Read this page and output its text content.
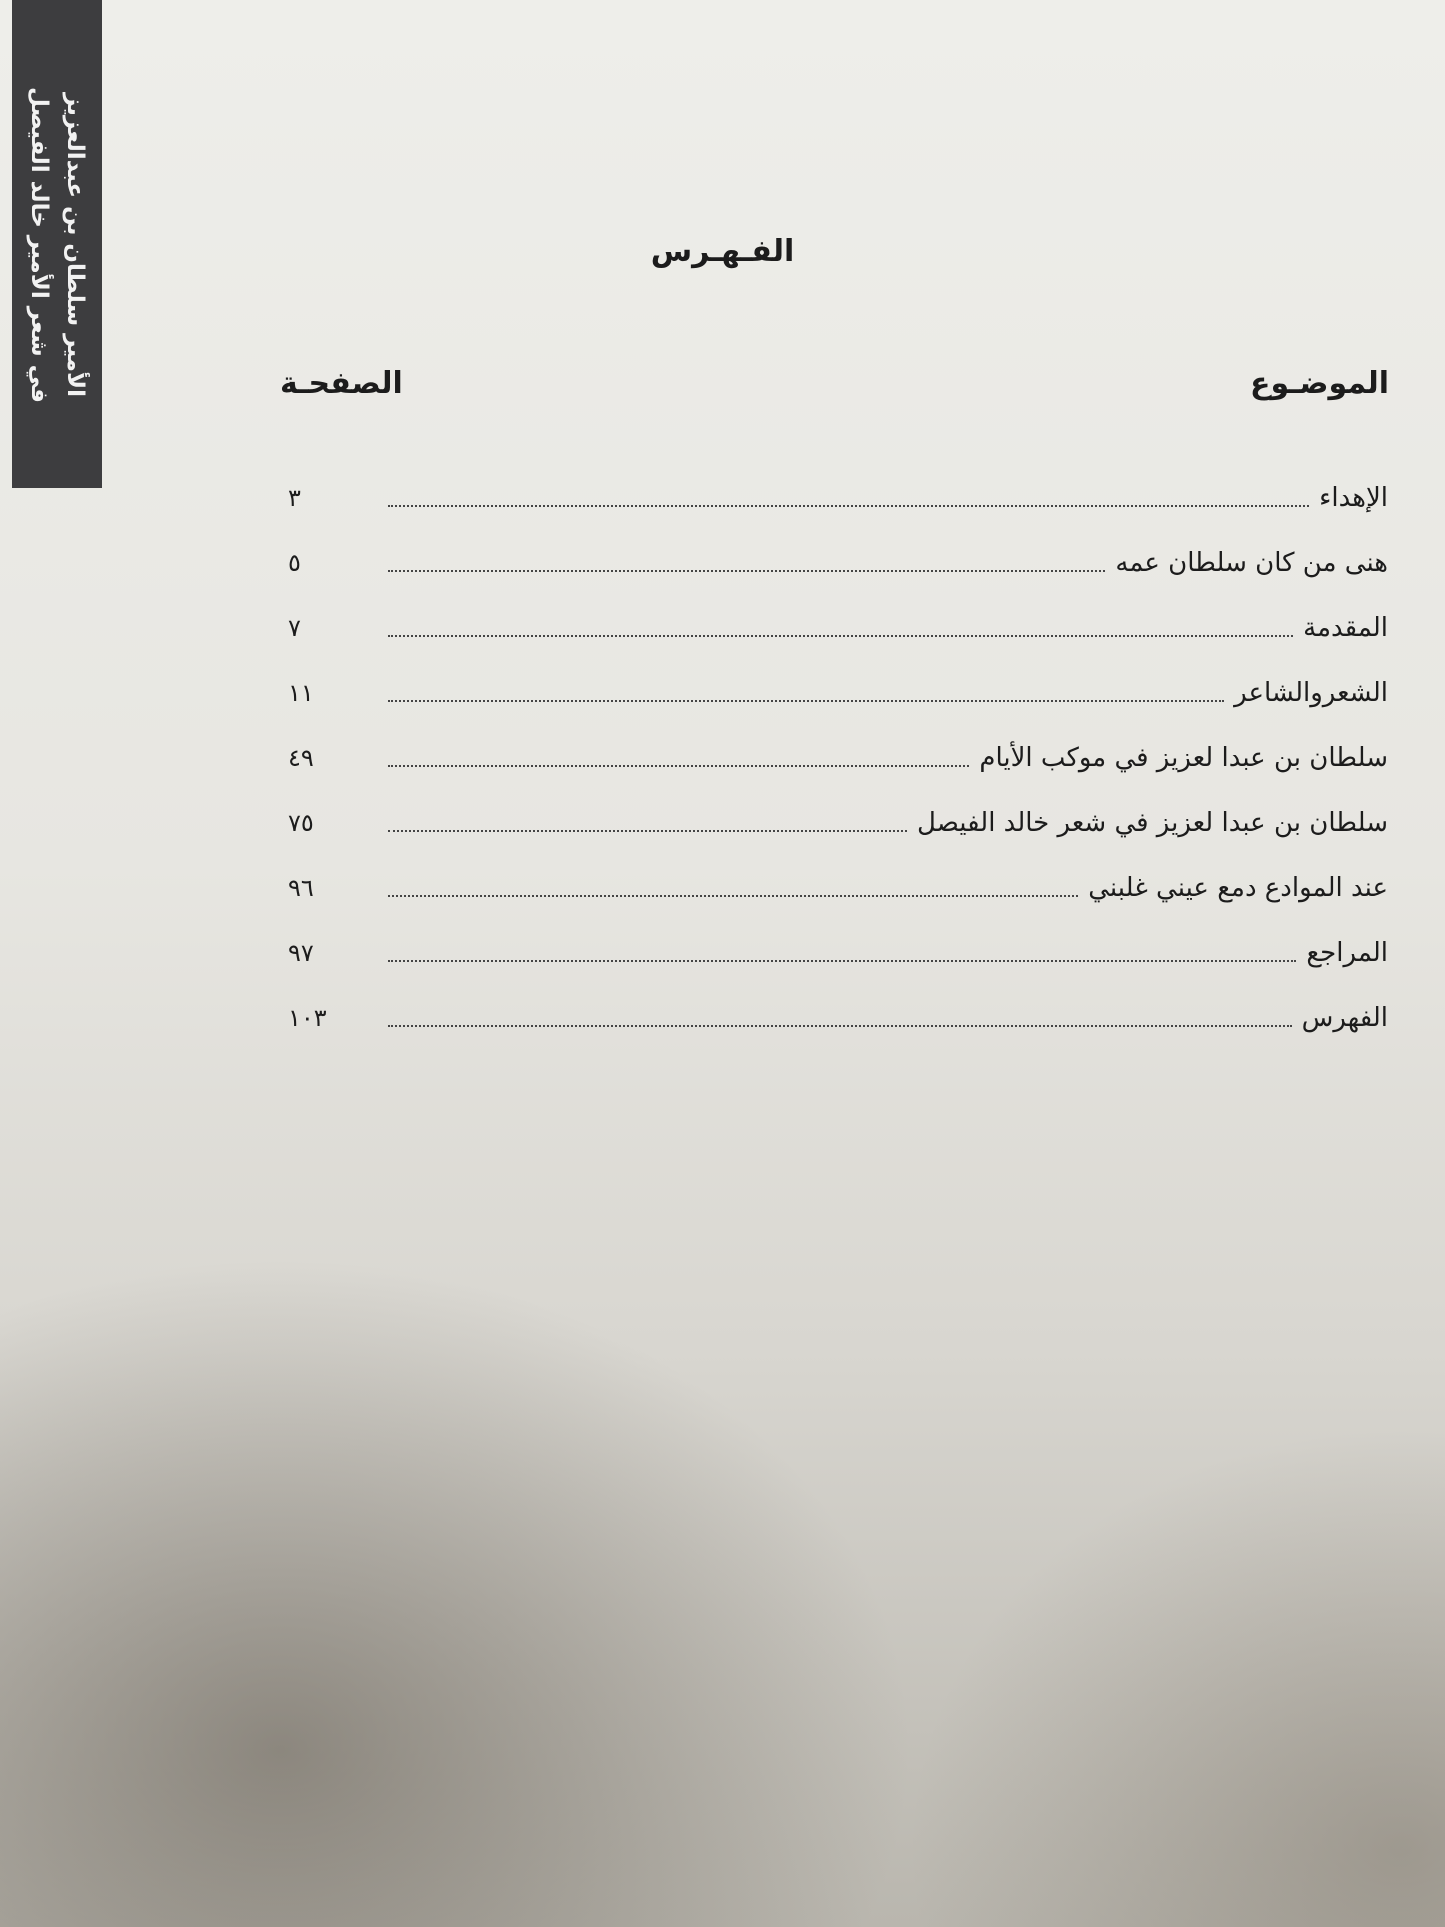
الأمير سلطان بن عبدالعزيز
في شعر الأمير خالد الفيصل	الفـهـرس
الموضـوع
الصفحـة
الإهداء
٣
هنى من كان سلطان عمه
٥
المقدمة
٧
الشعروالشاعر
١١
سلطان بن عبدا لعزيز في موكب الأيام
٤٩
سلطان بن عبدا لعزيز في شعر خالد الفيصل
٧٥
عند الموادع دمع عيني غلبني
٩٦
المراجع
٩٧
الفهرس
١٠٣
